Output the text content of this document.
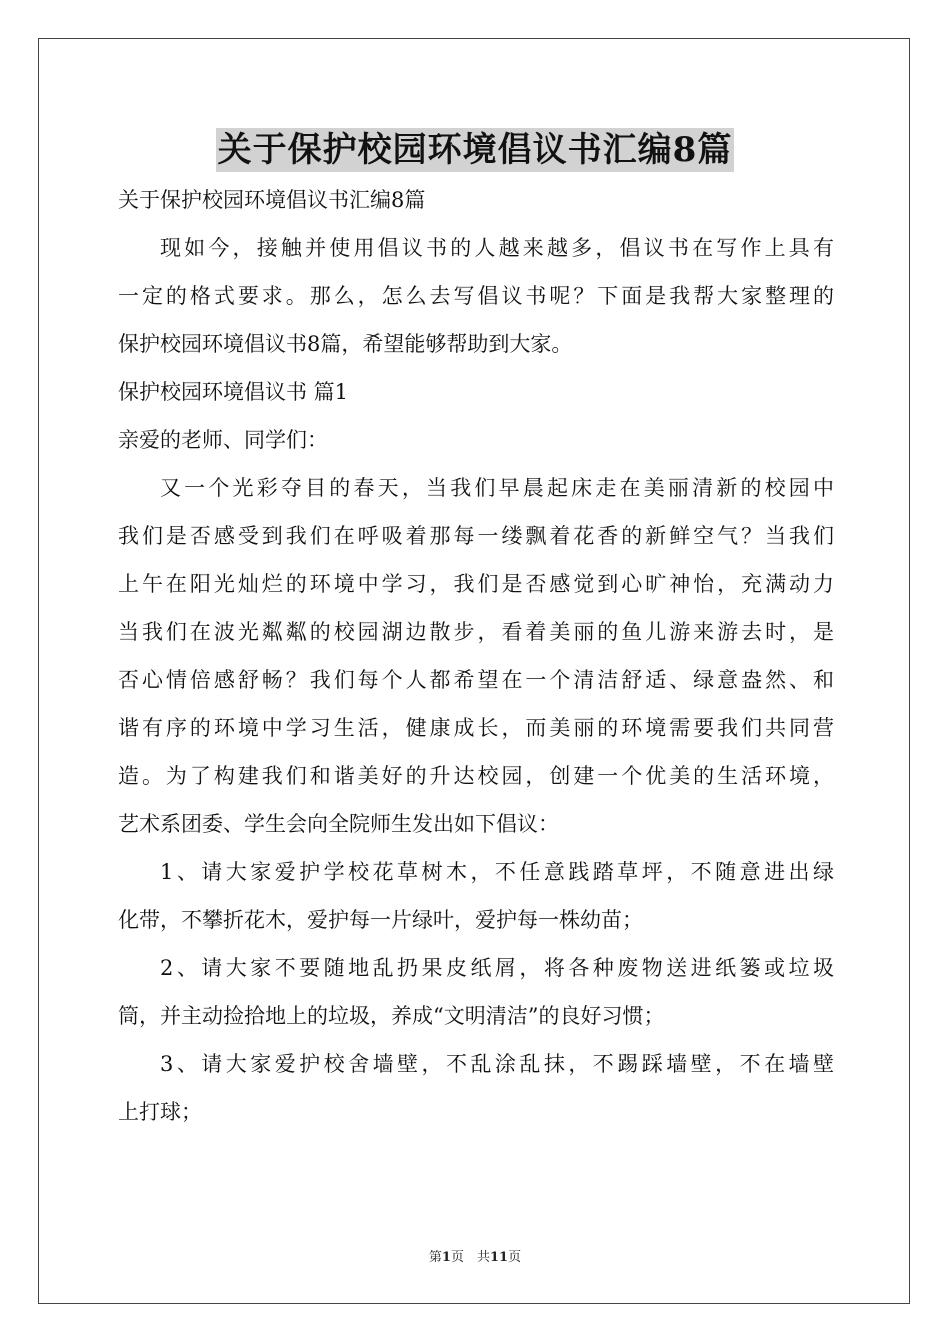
关于保护校园环境倡议书汇编8篇
关于保护校园环境倡议书汇编8篇
现如今，接触并使用倡议书的人越来越多，倡议书在写作上具有
一定的格式要求。那么，怎么去写倡议书呢？下面是我帮大家整理的
保护校园环境倡议书8篇，希望能够帮助到大家。
保护校园环境倡议书 篇1
亲爱的老师、同学们：
又一个光彩夺目的春天，当我们早晨起床走在美丽清新的校园中
我们是否感受到我们在呼吸着那每一缕飘着花香的新鲜空气？当我们
上午在阳光灿烂的环境中学习，我们是否感觉到心旷神怡，充满动力
当我们在波光粼粼的校园湖边散步，看着美丽的鱼儿游来游去时，是
否心情倍感舒畅？我们每个人都希望在一个清洁舒适、绿意盎然、和
谐有序的环境中学习生活，健康成长，而美丽的环境需要我们共同营
造。为了构建我们和谐美好的升达校园，创建一个优美的生活环境，
艺术系团委、学生会向全院师生发出如下倡议：
1、请大家爱护学校花草树木，不任意践踏草坪，不随意进出绿
化带，不攀折花木，爱护每一片绿叶，爱护每一株幼苗；
2、请大家不要随地乱扔果皮纸屑，将各种废物送进纸篓或垃圾
筒，并主动捡拾地上的垃圾，养成“文明清洁”的良好习惯；
3、请大家爱护校舍墙壁，不乱涂乱抹，不踢踩墙壁，不在墙壁
上打球；
第1页　共11页
